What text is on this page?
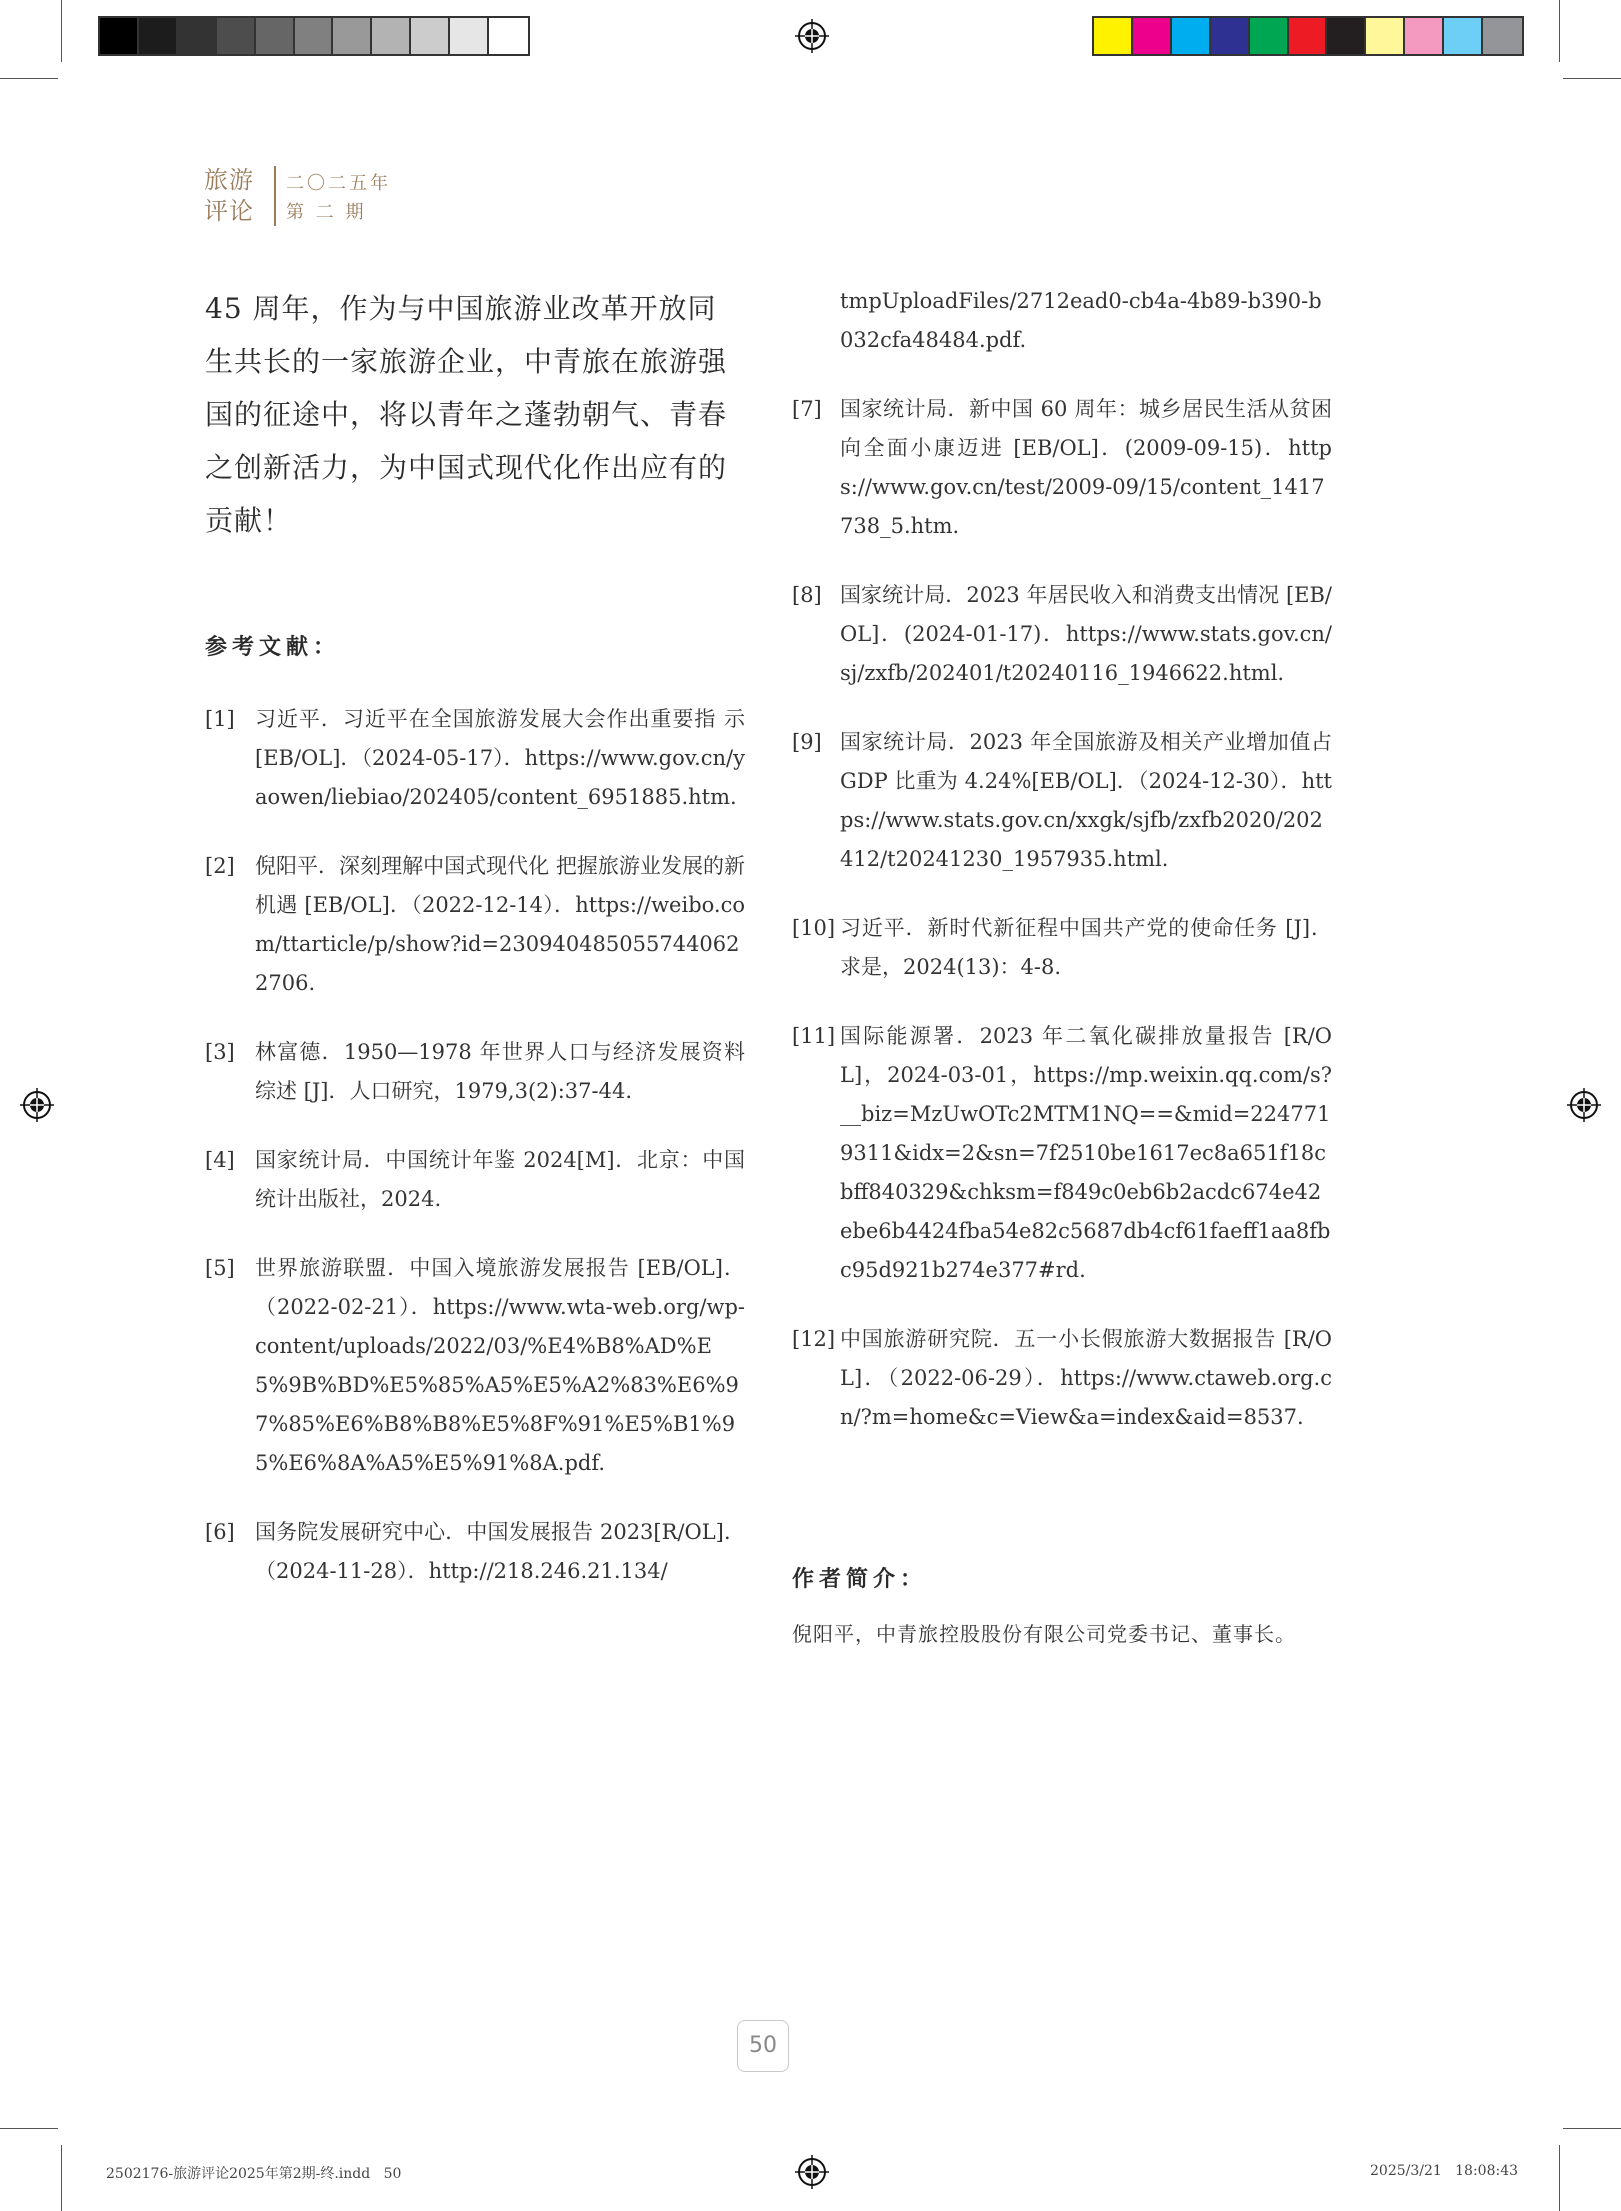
旅游
评论
二〇二五年
第 二 期
45 周年，作为与中国旅游业改革开放同生共长的一家旅游企业，中青旅在旅游强国的征途中，将以青年之蓬勃朝气、青春之创新活力，为中国式现代化作出应有的贡献！
参考文献：
[1] 习近平．习近平在全国旅游发展大会作出重要指 示 [EB/OL]．（2024-05-17）．https://www.gov.cn/yaowen/liebiao/202405/content_6951885.htm.
[2] 倪阳平．深刻理解中国式现代化 把握旅游业发展的新机遇 [EB/OL]．（2022-12-14）．https://weibo.com/ttarticle/p/show?id=2309404850557440622706.
[3] 林富德．1950—1978 年世界人口与经济发展资料综述 [J]．人口研究，1979,3(2):37-44.
[4] 国家统计局．中国统计年鉴 2024[M]．北京：中国统计出版社，2024.
[5] 世界旅游联盟．中国入境旅游发展报告 [EB/OL]．（2022-02-21）．https://www.wta-web.org/wp-content/uploads/2022/03/%E4%B8%AD%E5%9B%BD%E5%85%A5%E5%A2%83%E6%97%85%E6%B8%B8%E5%8F%91%E5%B1%95%E6%8A%A5%E5%91%8A.pdf.
[6] 国务院发展研究中心．中国发展报告 2023[R/OL]．（2024-11-28）．http://218.246.21.134/
tmpUploadFiles/2712ead0-cb4a-4b89-b390-b032cfa48484.pdf.
[7] 国家统计局．新中国 60 周年：城乡居民生活从贫困向全面小康迈进 [EB/OL]．(2009-09-15)．https://www.gov.cn/test/2009-09/15/content_1417738_5.htm.
[8] 国家统计局．2023 年居民收入和消费支出情况 [EB/OL]．(2024-01-17)．https://www.stats.gov.cn/sj/zxfb/202401/t20240116_1946622.html.
[9] 国家统计局．2023 年全国旅游及相关产业增加值占 GDP 比重为 4.24%[EB/OL]．（2024-12-30）．https://www.stats.gov.cn/xxgk/sjfb/zxfb2020/202412/t20241230_1957935.html.
[10] 习近平．新时代新征程中国共产党的使命任务 [J]．求是，2024(13)：4-8.
[11] 国际能源署．2023 年二氧化碳排放量报告 [R/OL]，2024-03-01，https://mp.weixin.qq.com/s?__biz=MzUwOTc2MTM1NQ==&mid=2247719311&idx=2&sn=7f2510be1617ec8a651f18cbff840329&chksm=f849c0eb6b2acdc674e42ebe6b4424fba54e82c5687db4cf61faeff1aa8fbc95d921b274e377#rd.
[12] 中国旅游研究院．五一小长假旅游大数据报告 [R/OL]．（2022-06-29）．https://www.ctaweb.org.cn/?m=home&c=View&a=index&aid=8537.
作者简介：
倪阳平，中青旅控股股份有限公司党委书记、董事长。
50
2502176-旅游评论2025年第2期-终.indd   50	2025/3/21   18:08:43
